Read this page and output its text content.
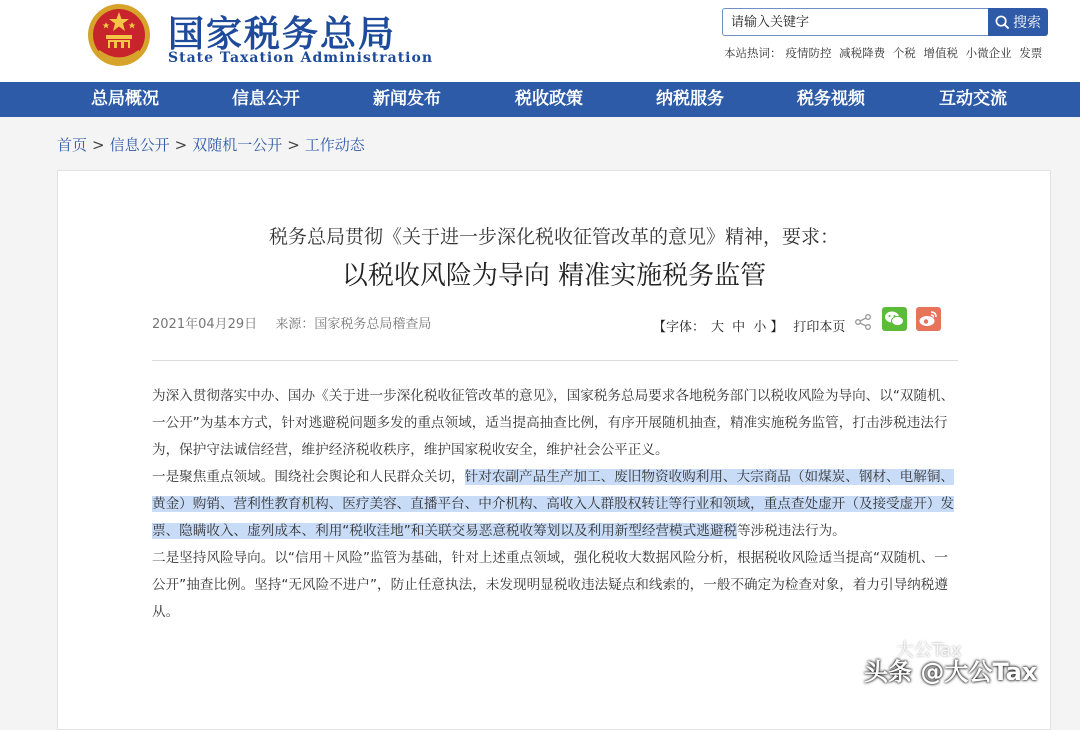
国家税务总局
State Taxation Administration
请输入关键字
搜索
本站热词： 疫情防控 减税降费 个税 增值税 小微企业 发票
总局概况	信息公开	新闻发布	税收政策	纳税服务	税务视频	互动交流
首页 > 信息公开 > 双随机一公开 > 工作动态
税务总局贯彻《关于进一步深化税收征管改革的意见》精神，要求：
以税收风险为导向 精准实施税务监管
2021年04月29日 来源：国家税务总局稽查局	【字体： 大 中 小 】 打印本页

为深入贯彻落实中办、国办《关于进一步深化税收征管改革的意见》，国家税务总局要求各地税务部门以税收风险为导向、以“双随机、一公开”为基本方式，针对逃避税问题多发的重点领域，适当提高抽查比例，有序开展随机抽查，精准实施税务监管，打击涉税违法行为，保护守法诚信经营，维护经济税收秩序，维护国家税收安全，维护社会公平正义。

一是聚焦重点领域。围绕社会舆论和人民群众关切，针对农副产品生产加工、废旧物资收购利用、大宗商品（如煤炭、钢材、电解铜、黄金）购销、营利性教育机构、医疗美容、直播平台、中介机构、高收入人群股权转让等行业和领域，重点查处虚开（及接受虚开）发票、隐瞒收入、虚列成本、利用“税收洼地”和关联交易恶意税收筹划以及利用新型经营模式逃避税等涉税违法行为。

二是坚持风险导向。以“信用＋风险”监管为基础，针对上述重点领域，强化税收大数据风险分析，根据税收风险适当提高“双随机、一公开”抽查比例。坚持“无风险不进户”，防止任意执法，未发现明显税收违法疑点和线索的，一般不确定为检查对象，着力引导纳税遵从。

大公Tax
头条 @大公Tax
